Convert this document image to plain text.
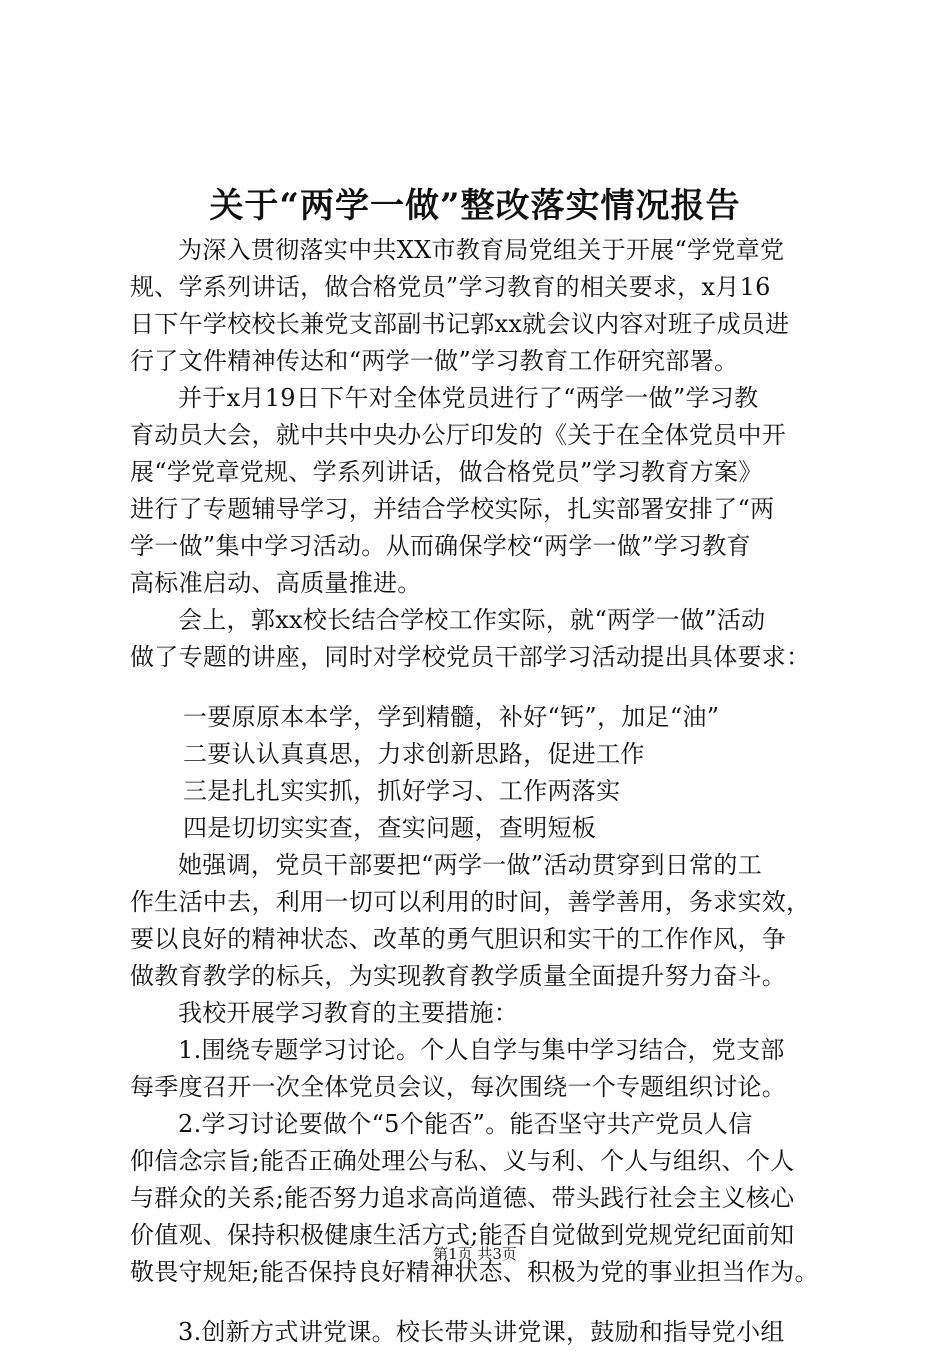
关于“两学一做”整改落实情况报告
为深入贯彻落实中共XX市教育局党组关于开展“学党章党
规、学系列讲话，做合格党员”学习教育的相关要求，x月16
日下午学校校长兼党支部副书记郭xx就会议内容对班子成员进
行了文件精神传达和“两学一做”学习教育工作研究部署。
并于x月19日下午对全体党员进行了“两学一做”学习教
育动员大会，就中共中央办公厅印发的《关于在全体党员中开
展“学党章党规、学系列讲话，做合格党员”学习教育方案》
进行了专题辅导学习，并结合学校实际，扎实部署安排了“两
学一做”集中学习活动。从而确保学校“两学一做”学习教育
高标准启动、高质量推进。
会上，郭xx校长结合学校工作实际，就“两学一做”活动
做了专题的讲座，同时对学校党员干部学习活动提出具体要求：
一要原原本本学，学到精髓，补好“钙”，加足“油”
二要认认真真思，力求创新思路，促进工作
三是扎扎实实抓，抓好学习、工作两落实
四是切切实实查，查实问题，查明短板
她强调，党员干部要把“两学一做”活动贯穿到日常的工
作生活中去，利用一切可以利用的时间，善学善用，务求实效，
要以良好的精神状态、改革的勇气胆识和实干的工作作风，争
做教育教学的标兵，为实现教育教学质量全面提升努力奋斗。
我校开展学习教育的主要措施：
1.围绕专题学习讨论。个人自学与集中学习结合，党支部
每季度召开一次全体党员会议，每次围绕一个专题组织讨论。
2.学习讨论要做个“5个能否”。能否坚守共产党员人信
仰信念宗旨;能否正确处理公与私、义与利、个人与组织、个人
与群众的关系;能否努力追求高尚道德、带头践行社会主义核心
价值观、保持积极健康生活方式;能否自觉做到党规党纪面前知
敬畏守规矩;能否保持良好精神状态、积极为党的事业担当作为。
3.创新方式讲党课。校长带头讲党课，鼓励和指导党小组
第1页 共3页
